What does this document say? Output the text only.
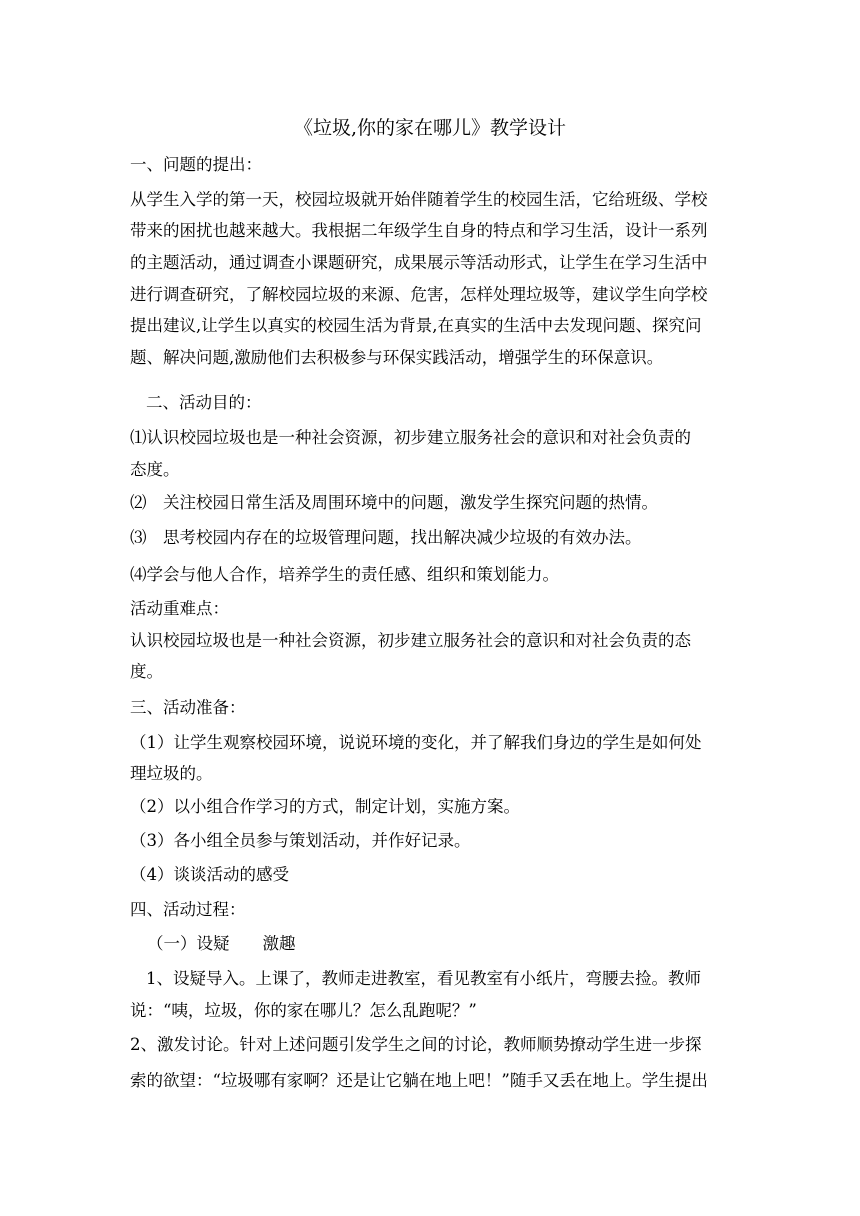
《垃圾,你的家在哪儿》教学设计
一、问题的提出：
从学生入学的第一天，校园垃圾就开始伴随着学生的校园生活，它给班级、学校
带来的困扰也越来越大。我根据二年级学生自身的特点和学习生活，设计一系列
的主题活动，通过调查小课题研究，成果展示等活动形式，让学生在学习生活中
进行调查研究，了解校园垃圾的来源、危害，怎样处理垃圾等，建议学生向学校
提出建议,让学生以真实的校园生活为背景,在真实的生活中去发现问题、探究问
题、解决问题,激励他们去积极参与环保实践活动，增强学生的环保意识。
二、活动目的：
⑴认识校园垃圾也是一种社会资源，初步建立服务社会的意识和对社会负责的
态度。
⑵　关注校园日常生活及周围环境中的问题，激发学生探究问题的热情。
⑶　思考校园内存在的垃圾管理问题，找出解决减少垃圾的有效办法。
⑷学会与他人合作，培养学生的责任感、组织和策划能力。
活动重难点：
认识校园垃圾也是一种社会资源，初步建立服务社会的意识和对社会负责的态
度。
三、活动准备：
（1）让学生观察校园环境，说说环境的变化，并了解我们身边的学生是如何处
理垃圾的。
（2）以小组合作学习的方式，制定计划，实施方案。
（3）各小组全员参与策划活动，并作好记录。
（4）谈谈活动的感受
四、活动过程：
（一）设疑　　激趣
1、设疑导入。上课了，教师走进教室，看见教室有小纸片，弯腰去捡。教师
说：“咦，垃圾，你的家在哪儿？怎么乱跑呢？”
2、激发讨论。针对上述问题引发学生之间的讨论，教师顺势撩动学生进一步探
索的欲望：“垃圾哪有家啊？还是让它躺在地上吧！”随手又丢在地上。学生提出
